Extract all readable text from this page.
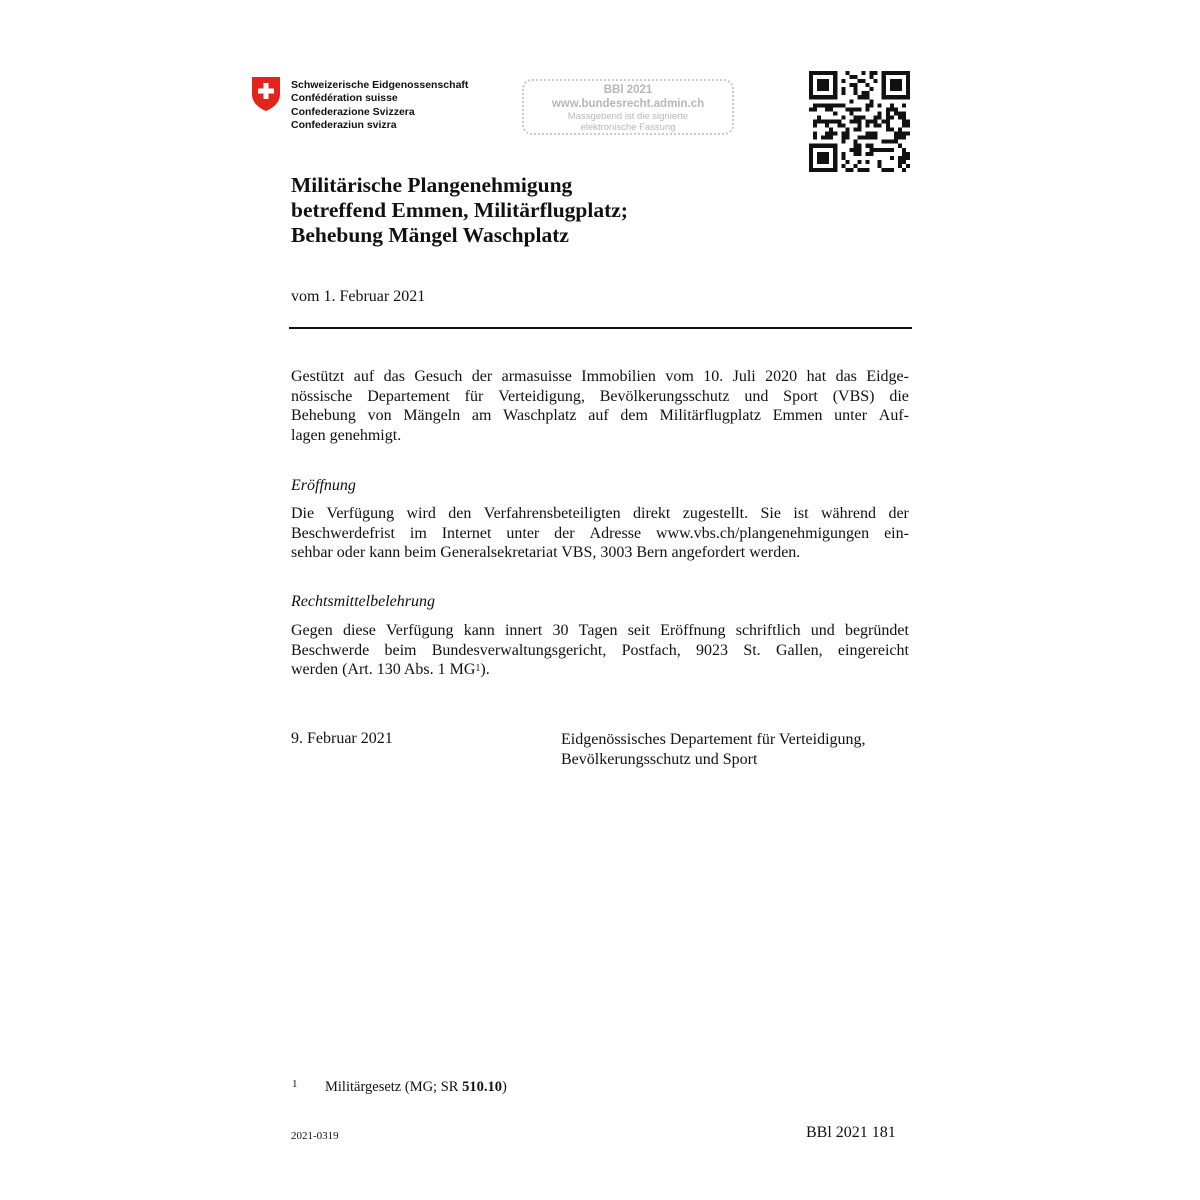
Schweizerische Eidgenossenschaft
Confédération suisse
Confederazione Svizzera
Confederaziun svizra
BBl 2021
www.bundesrecht.admin.ch
Massgebend ist die signierte
elektronische Fassung
Militärische Plangenehmigung
betreffend Emmen, Militärflugplatz;
Behebung Mängel Waschplatz
vom 1. Februar 2021
Gestützt auf das Gesuch der armasuisse Immobilien vom 10. Juli 2020 hat das Eidge-
nössische Departement für Verteidigung, Bevölkerungsschutz und Sport (VBS) die
Behebung von Mängeln am Waschplatz auf dem Militärflugplatz Emmen unter Auf-
lagen genehmigt.
Eröffnung
Die Verfügung wird den Verfahrensbeteiligten direkt zugestellt. Sie ist während der
Beschwerdefrist im Internet unter der Adresse www.vbs.ch/plangenehmigungen ein-
sehbar oder kann beim Generalsekretariat VBS, 3003 Bern angefordert werden.
Rechtsmittelbelehrung
Gegen diese Verfügung kann innert 30 Tagen seit Eröffnung schriftlich und begründet
Beschwerde beim Bundesverwaltungsgericht, Postfach, 9023 St. Gallen, eingereicht
werden (Art. 130 Abs. 1 $MG^1$).
9. Februar 2021	Eidgenössisches Departement für Verteidigung,
Bevölkerungsschutz und Sport
1 Militärgesetz (MG; SR 510.10)
2021-0319	BBl 2021 181
